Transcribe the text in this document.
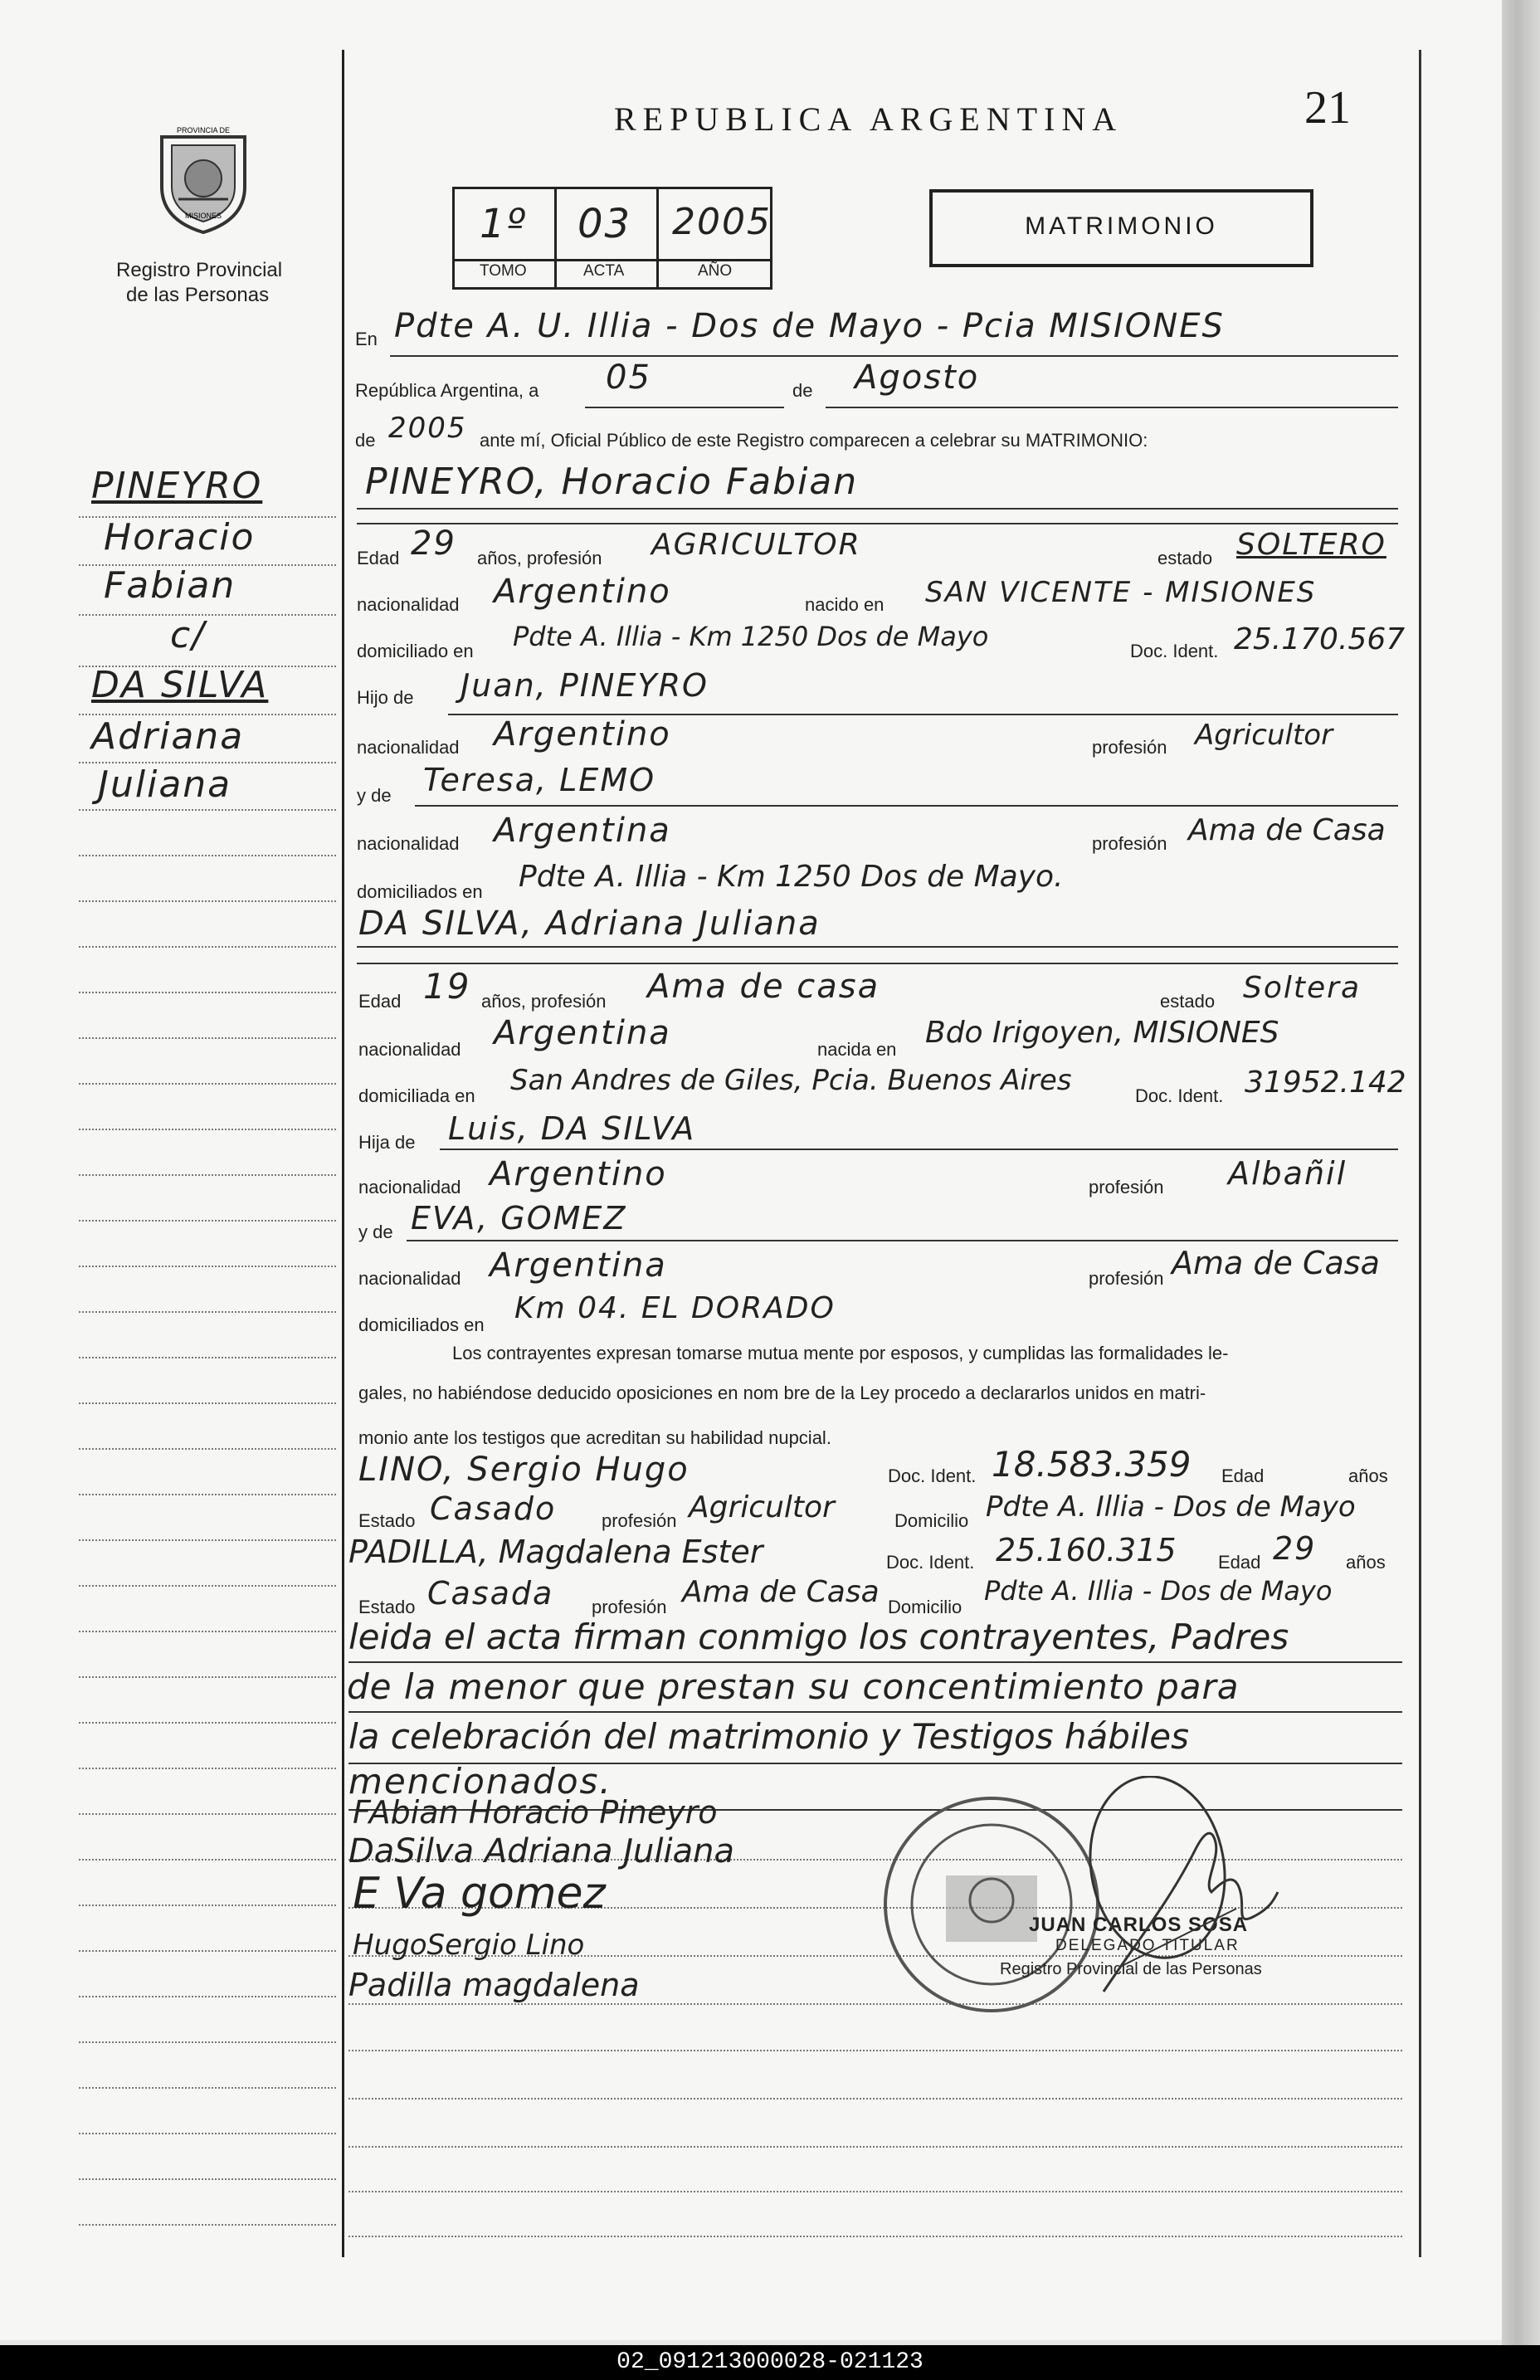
PROVINCIA DE
MISIONES
Registro Provincial
de las Personas
REPUBLICA ARGENTINA	21
1º 03 2005
TOMO	ACTA	AÑO
MATRIMONIO
PINEYRO
Horacio
Fabian
c/
DA SILVA
Adriana
Juliana
En Pdte A. U. Illia - Dos de Mayo - Pcia MISIONES
República Argentina, a 05	de Agosto
de 2005 ante mí, Oficial Público de este Registro comparecen a celebrar su MATRIMONIO:
PINEYRO, Horacio Fabian
Edad 29 años, profesión AGRICULTOR	estado SOLTERO
nacionalidad Argentino	nacido en SAN VICENTE - MISIONES
domiciliado en Pdte A. Illia - Km 1250 Dos de Mayo	Doc. Ident. 25.170.567
Hijo de Juan, PINEYRO
nacionalidad Argentino	profesión Agricultor
y de Teresa, LEMO
nacionalidad Argentina	profesión Ama de Casa
domiciliados en Pdte A. Illia - Km 1250 Dos de Mayo.
DA SILVA, Adriana Juliana
Edad 19 años, profesión Ama de casa	estado Soltera
nacionalidad Argentina	nacida en Bdo Irigoyen, MISIONES
domiciliada en San Andres de Giles, Pcia. Buenos Aires	Doc. Ident. 31952.142
Hija de Luis, DA SILVA
nacionalidad Argentino	profesión Albañil
y de EVA, GOMEZ
nacionalidad Argentina	profesión Ama de Casa
domiciliados en Km 04. EL DORADO
Los contrayentes expresan tomarse mutua mente por esposos, y cumplidas las formalidades le-
gales, no habiéndose deducido oposiciones en nom bre de la Ley procedo a declararlos unidos en matri-
monio ante los testigos que acreditan su habilidad nupcial.
LINO, Sergio Hugo	Doc. Ident. 18.583.359 Edad	años
Estado Casado profesión Agricultor	Domicilio Pdte A. Illia - Dos de Mayo
PADILLA, Magdalena Ester	Doc. Ident. 25.160.315 Edad 29 años
Estado Casada profesión Ama de Casa Domicilio
Pdte A. Illia - Dos de Mayo
leida el acta firman conmigo los contrayentes, Padres
de la menor que prestan su concentimiento para
la celebración del matrimonio y Testigos hábiles
mencionados.
FAbian Horacio Pineyro
DaSilva Adriana Juliana
E Va gomez
HugoSergio Lino
Padilla magdalena
JUAN CARLOS SOSA
DELEGADO TITULAR
Registro Provincial de las Personas
02_091213000028-021123
